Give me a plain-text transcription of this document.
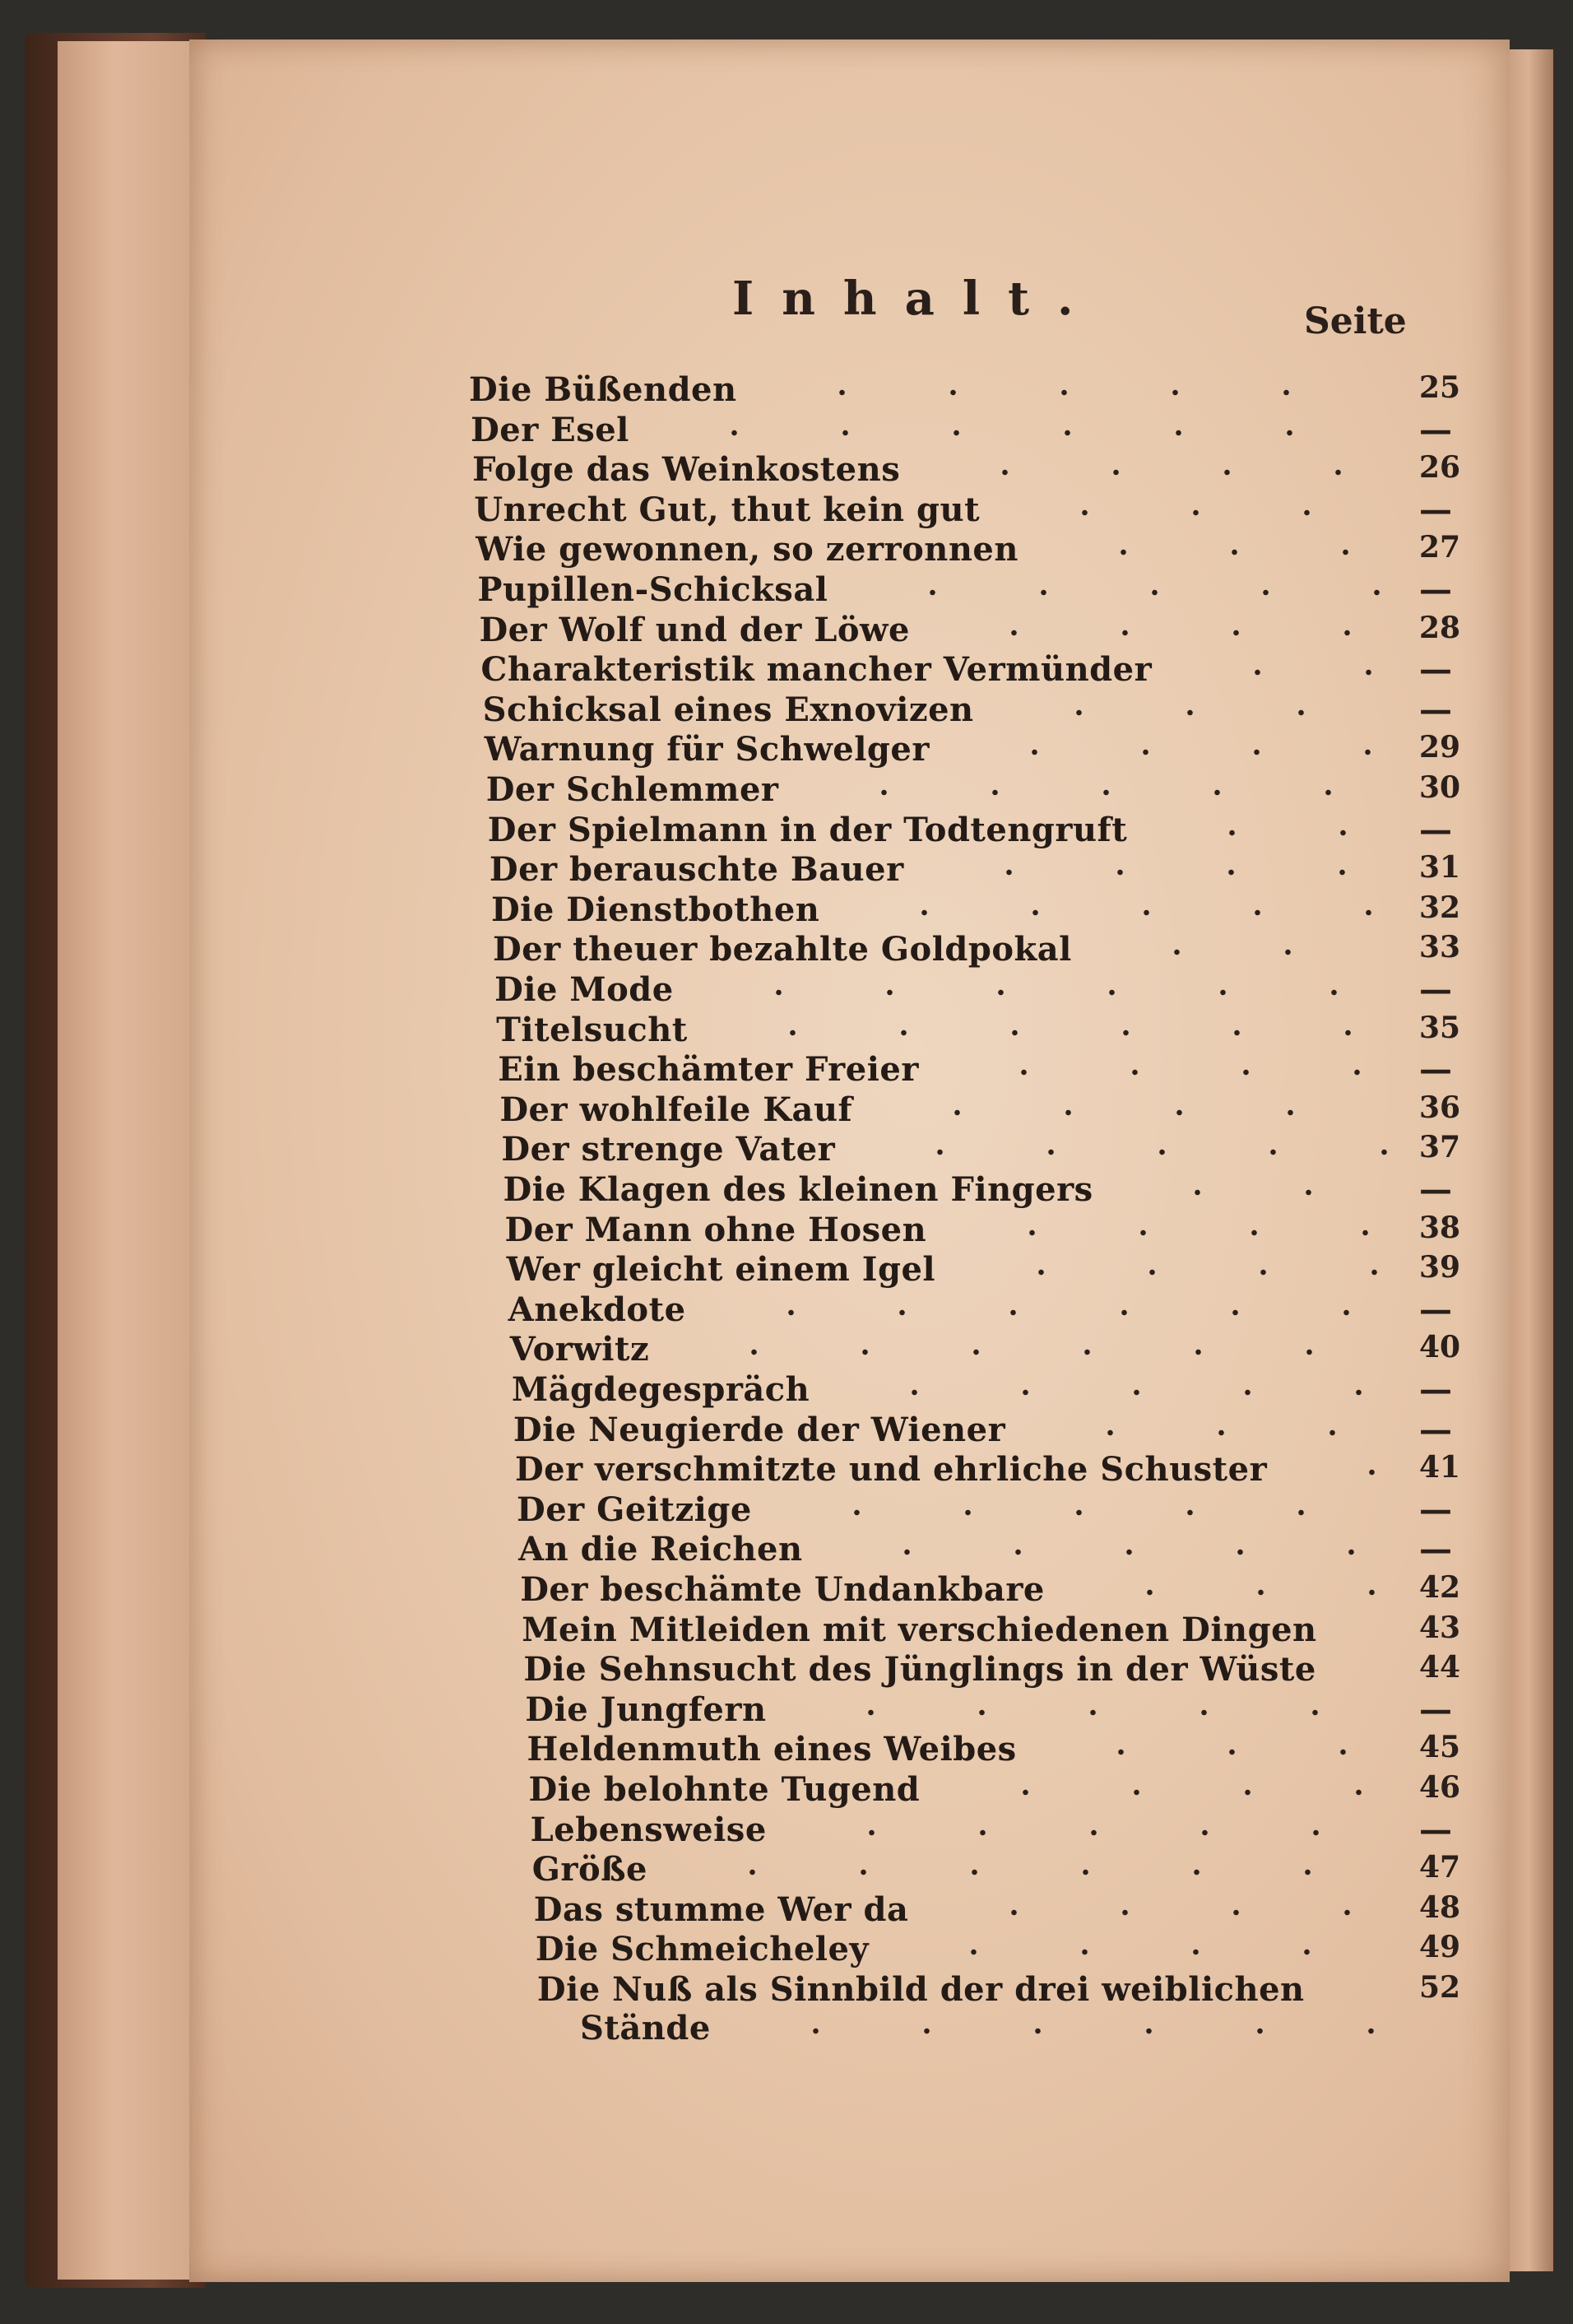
Inhalt.	Seite
Die Büßenden	25
Der Esel	—
Folge das Weinkostens	26
Unrecht Gut, thut kein gut	—
Wie gewonnen, so zerronnen	27
Pupillen-Schicksal	—
Der Wolf und der Löwe	28
Charakteristik mancher Vermünder	—
Schicksal eines Exnovizen	—
Warnung für Schwelger	29
Der Schlemmer	30
Der Spielmann in der Todtengruft	—
Der berauschte Bauer	31
Die Dienstbothen	32
Der theuer bezahlte Goldpokal	33
Die Mode	—
Titelsucht	35
Ein beschämter Freier	—
Der wohlfeile Kauf	36
Der strenge Vater	37
Die Klagen des kleinen Fingers	—
Der Mann ohne Hosen	38
Wer gleicht einem Igel	39
Anekdote	—
Vorwitz	40
Mägdegespräch	—
Die Neugierde der Wiener	—
Der verschmitzte und ehrliche Schuster	41
Der Geitzige	—
An die Reichen	—
Der beschämte Undankbare	42
Mein Mitleiden mit verschiedenen Dingen	43
Die Sehnsucht des Jünglings in der Wüste	44
Die Jungfern	—
Heldenmuth eines Weibes	45
Die belohnte Tugend	46
Lebensweise	—
Größe	47
Das stumme Wer da	48
Die Schmeicheley	49
Die Nuß als Sinnbild der drei weiblichen	52
Stände
